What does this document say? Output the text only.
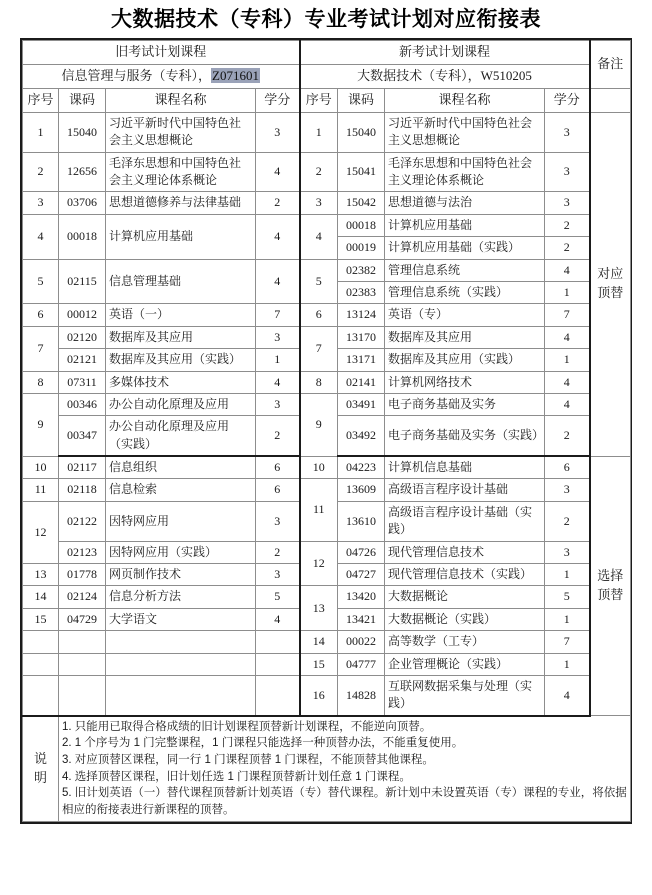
大数据技术（专科）专业考试计划对应衔接表
旧考试计划课程				新考试计划课程				备注
信息管理与服务（专科），Z071601				大数据技术（专科），W510205				
序号	课码	课程名称	学分	序号	课码	课程名称	学分	
1	15040	习近平新时代中国特色社会主义思想概论	3	1	15040	习近平新时代中国特色社会主义思想概论	3	对应
顶替
2	12656	毛泽东思想和中国特色社会主义理论体系概论	4	2	15041	毛泽东思想和中国特色社会主义理论体系概论	3	
3	03706	思想道德修养与法律基础	2	3	15042	思想道德与法治	3	
4	00018	计算机应用基础	4	4	00018	计算机应用基础	2	
					00019	计算机应用基础（实践）	2	
5	02115	信息管理基础	4	5	02382	管理信息系统	4	
					02383	管理信息系统（实践）	1	
6	00012	英语（一）	7	6	13124	英语（专）	7	
7	02120	数据库及其应用	3	7	13170	数据库及其应用	4	
	02121	数据库及其应用（实践）	1		13171	数据库及其应用（实践）	1	
8	07311	多媒体技术	4	8	02141	计算机网络技术	4	
9	00346	办公自动化原理及应用	3	9	03491	电子商务基础及实务	4	
	00347	办公自动化原理及应用（实践）	2		03492	电子商务基础及实务（实践）	2	
10	02117	信息组织	6	10	04223	计算机信息基础	6	选择
顶替
11	02118	信息检索	6	11	13609	高级语言程序设计基础	3	
12	02122	因特网应用	3		13610	高级语言程序设计基础（实践）	2	
	02123	因特网应用（实践）	2	12	04726	现代管理信息技术	3	
13	01778	网页制作技术	3		04727	现代管理信息技术（实践）	1	
14	02124	信息分析方法	5	13	13420	大数据概论	5	
15	04729	大学语文	4		13421	大数据概论（实践）	1	
				14	00022	高等数学（工专）	7	
				15	04777	企业管理概论（实践）	1	
				16	14828	互联网数据采集与处理（实践）	4	
说
明	1. 只能用已取得合格成绩的旧计划课程顶替新计划课程，不能逆向顶替。
2. 1 个序号为 1 门完整课程，1 门课程只能选择一种顶替办法，不能重复使用。
3. 对应顶替区课程，同一行 1 门课程顶替 1 门课程，不能顶替其他课程。
4. 选择顶替区课程，旧计划任选 1 门课程顶替新计划任意 1 门课程。
5. 旧计划英语（一）替代课程顶替新计划英语（专）替代课程。新计划中未设置英语（专）课程的专业，将依据相应的衔接表进行新课程的顶替。							
